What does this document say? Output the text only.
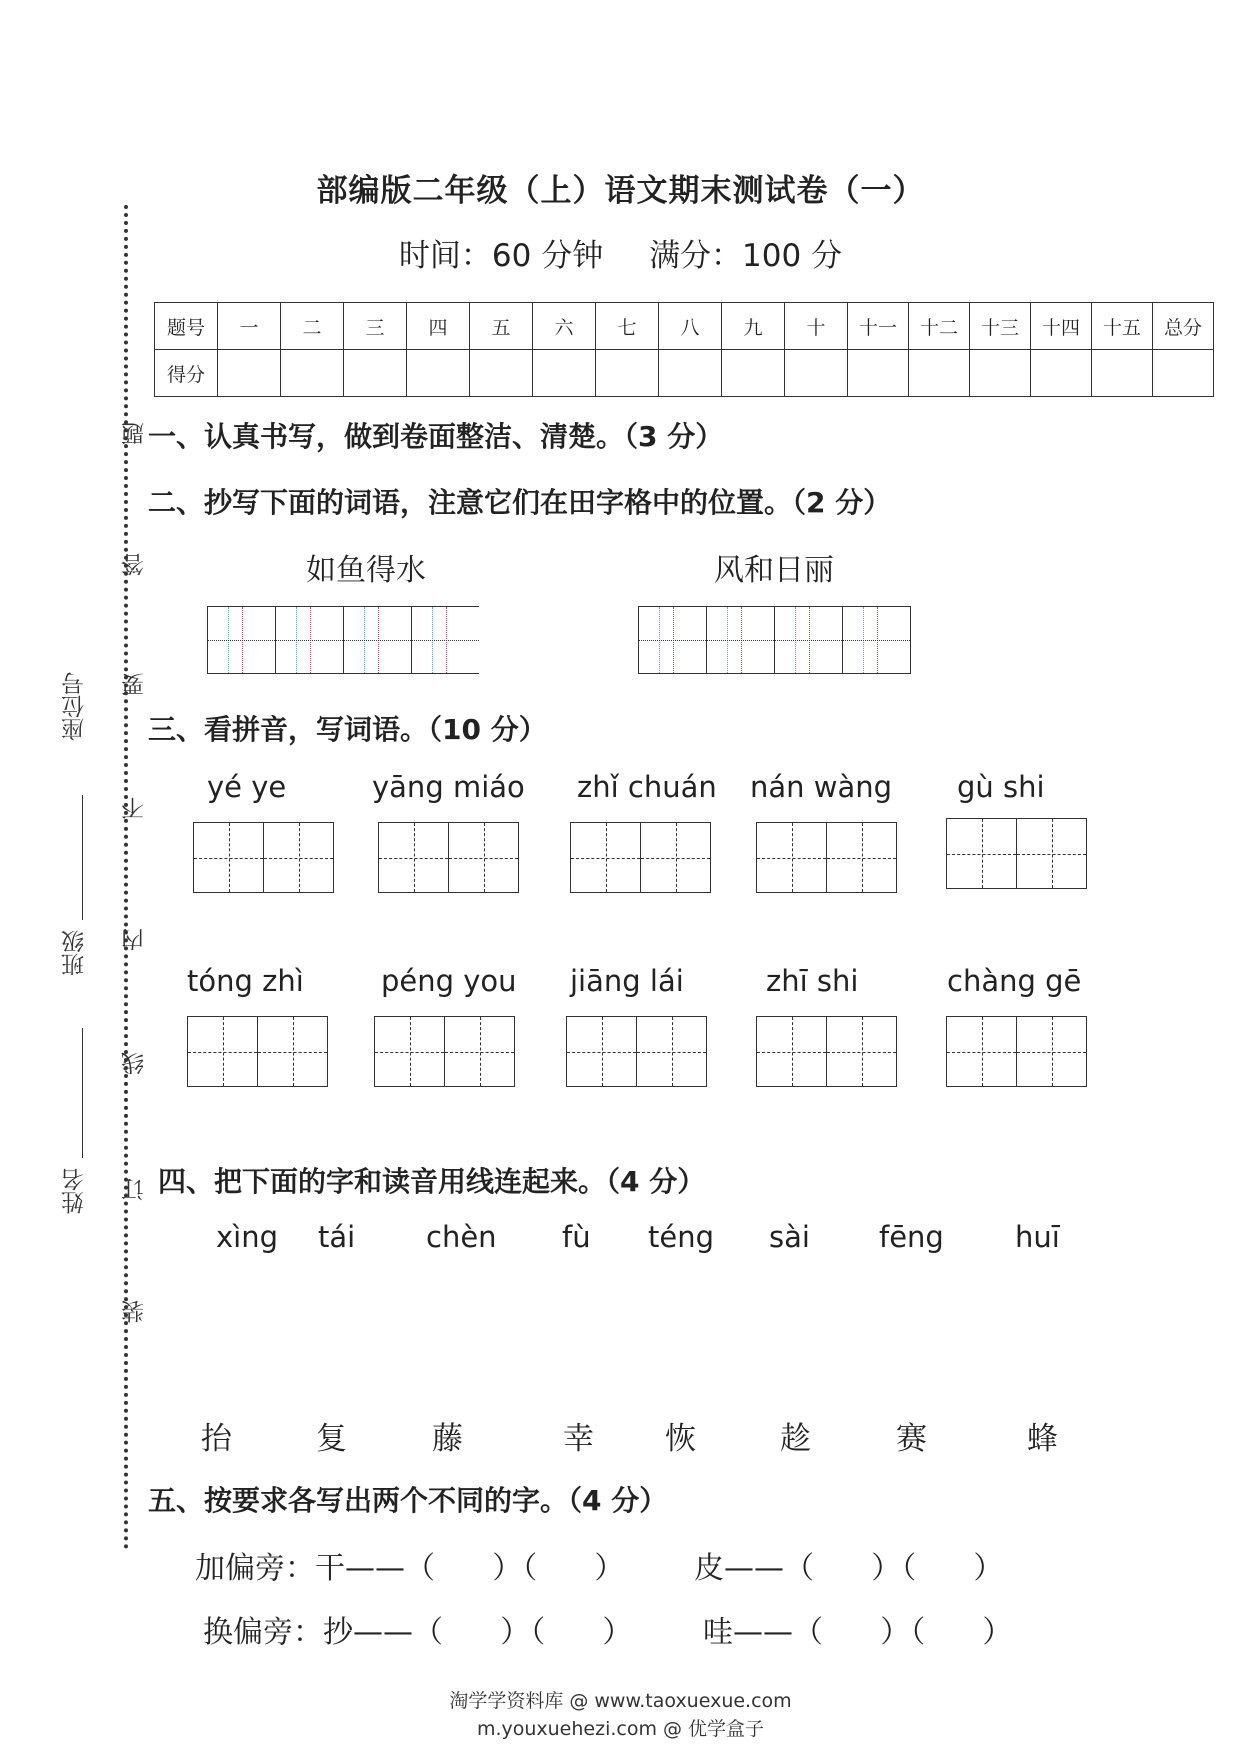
部编版二年级（上）语文期末测试卷（一）
时间：60 分钟 满分：100 分
题号	一	二	三	四	五	六	七	八	九	十	十一	十二	十三	十四	十五	总分
得分																
题
答
要
不
内
线
订
装
座位号
班级
姓名
一、认真书写，做到卷面整洁、清楚。（3 分）
二、抄写下面的词语，注意它们在田字格中的位置。（2 分）
如鱼得水	风和日丽
三、看拼音，写词语。（10 分）
yé ye	yāng miáo zhǐ chuán nán wàng gù shi
tóng zhì	péng you jiāng lái	zhī shi	chàng gē
四、把下面的字和读音用线连起来。（4 分）
xìng tái chèn fù téng sài fēng huī
抬	复	藤	幸 恢	趁	赛	蜂
五、按要求各写出两个不同的字。（4 分）
加偏旁：干——（      ）（      ） 皮——（      ）（      ）
换偏旁：抄——（      ）（      ） 哇——（      ）（      ）
淘学学资料库 @ www.taoxuexue.com
m.youxuehezi.com @ 优学盒子
